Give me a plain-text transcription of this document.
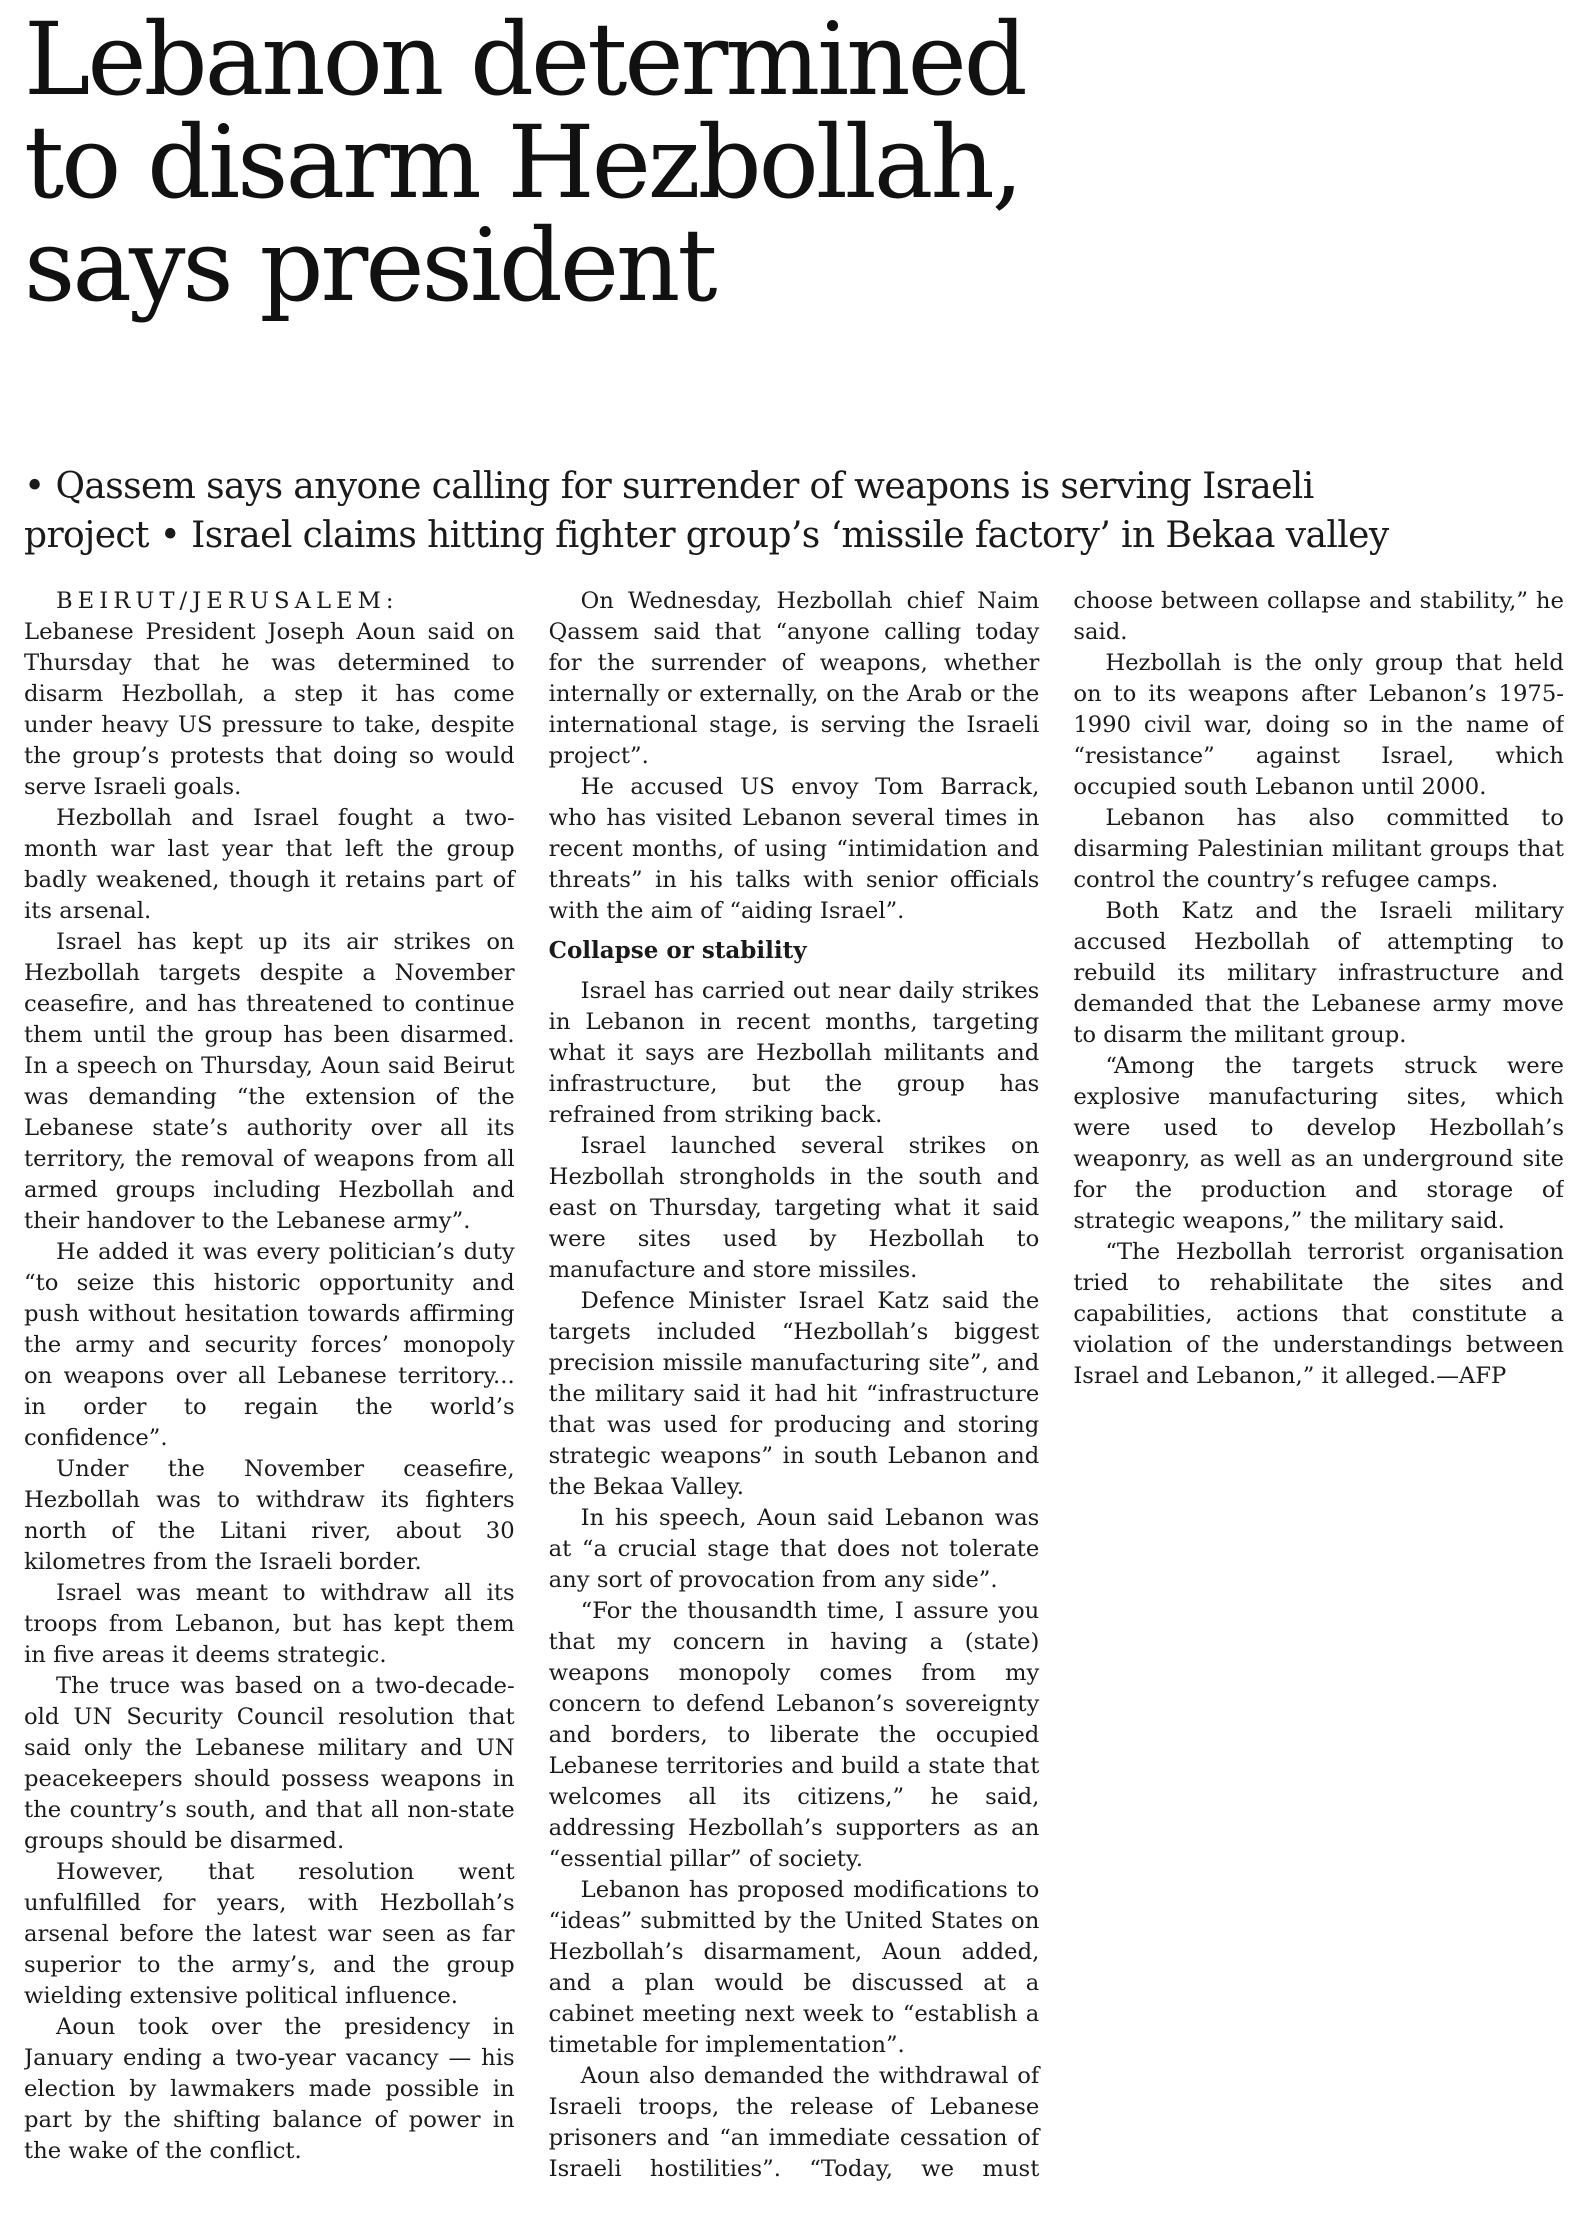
Lebanon determined
to disarm Hezbollah,
says president
• Qassem says anyone calling for surrender of weapons is serving Israeli
project • Israel claims hitting fighter group’s ‘missile factory’ in Bekaa valley

BEIRUT/JERUSALEM: Lebanese President Joseph Aoun said on Thursday that he was determined to disarm Hezbollah, a step it has come under heavy US pressure to take, despite the group’s protests that doing so would serve Israeli goals.

Hezbollah and Israel fought a two-month war last year that left the group badly weakened, though it retains part of its arsenal.

Israel has kept up its air strikes on Hezbollah targets despite a November ceasefire, and has threatened to continue them until the group has been disarmed. In a speech on Thursday, Aoun said Beirut was demanding “the extension of the Lebanese state’s authority over all its territory, the removal of weapons from all armed groups including Hezbollah and their handover to the Lebanese army”.

He added it was every politician’s duty “to seize this historic opportunity and push without hesitation towards affirming the army and security forces’ monopoly on weapons over all Lebanese territory... in order to regain the world’s confidence”.

Under the November ceasefire, Hezbollah was to withdraw its fighters north of the Litani river, about 30 kilometres from the Israeli border.

Israel was meant to withdraw all its troops from Lebanon, but has kept them in five areas it deems strategic.

The truce was based on a two-decade-old UN Security Council resolution that said only the Lebanese military and UN peacekeepers should possess weapons in the country’s south, and that all non-state groups should be disarmed.

However, that resolution went unfulfilled for years, with Hezbollah’s arsenal before the latest war seen as far superior to the army’s, and the group wielding extensive political influence.

Aoun took over the presidency in January ending a two-year vacancy — his election by lawmakers made possible in part by the shifting balance of power in the wake of the conflict.

On Wednesday, Hezbollah chief Naim Qassem said that “anyone calling today for the surrender of weapons, whether internally or externally, on the Arab or the international stage, is serving the Israeli project”.

He accused US envoy Tom Barrack, who has visited Lebanon several times in recent months, of using “intimidation and threats” in his talks with senior officials with the aim of “aiding Israel”.

Collapse or stability

Israel has carried out near daily strikes in Lebanon in recent months, targeting what it says are Hezbollah militants and infrastructure, but the group has refrained from striking back.

Israel launched several strikes on Hezbollah strongholds in the south and east on Thursday, targeting what it said were sites used by Hezbollah to manufacture and store missiles.

Defence Minister Israel Katz said the targets included “Hezbollah’s biggest precision missile manufacturing site”, and the military said it had hit “infrastructure that was used for producing and storing strategic weapons” in south Lebanon and the Bekaa Valley.

In his speech, Aoun said Lebanon was at “a crucial stage that does not tolerate any sort of provocation from any side”.

“For the thousandth time, I assure you that my concern in having a (state) weapons monopoly comes from my concern to defend Lebanon’s sovereignty and borders, to liberate the occupied Lebanese territories and build a state that welcomes all its citizens,” he said, addressing Hezbollah’s supporters as an “essential pillar” of society.

Lebanon has proposed modifications to “ideas” submitted by the United States on Hezbollah’s disarmament, Aoun added, and a plan would be discussed at a cabinet meeting next week to “establish a timetable for implementation”.

Aoun also demanded the withdrawal of Israeli troops, the release of Lebanese prisoners and “an immediate cessation of Israeli hostilities”. “Today, we must choose between collapse and stability,” he said.

Hezbollah is the only group that held on to its weapons after Lebanon’s 1975-1990 civil war, doing so in the name of “resistance” against Israel, which occupied south Lebanon until 2000.

Lebanon has also committed to disarming Palestinian militant groups that control the country’s refugee camps.

Both Katz and the Israeli military accused Hezbollah of attempting to rebuild its military infrastructure and demanded that the Lebanese army move to disarm the militant group.

“Among the targets struck were explosive manufacturing sites, which were used to develop Hezbollah’s weaponry, as well as an underground site for the production and storage of strategic weapons,” the military said.

“The Hezbollah terrorist organisation tried to rehabilitate the sites and capabilities, actions that constitute a violation of the understandings between Israel and Lebanon,” it alleged.—AFP
